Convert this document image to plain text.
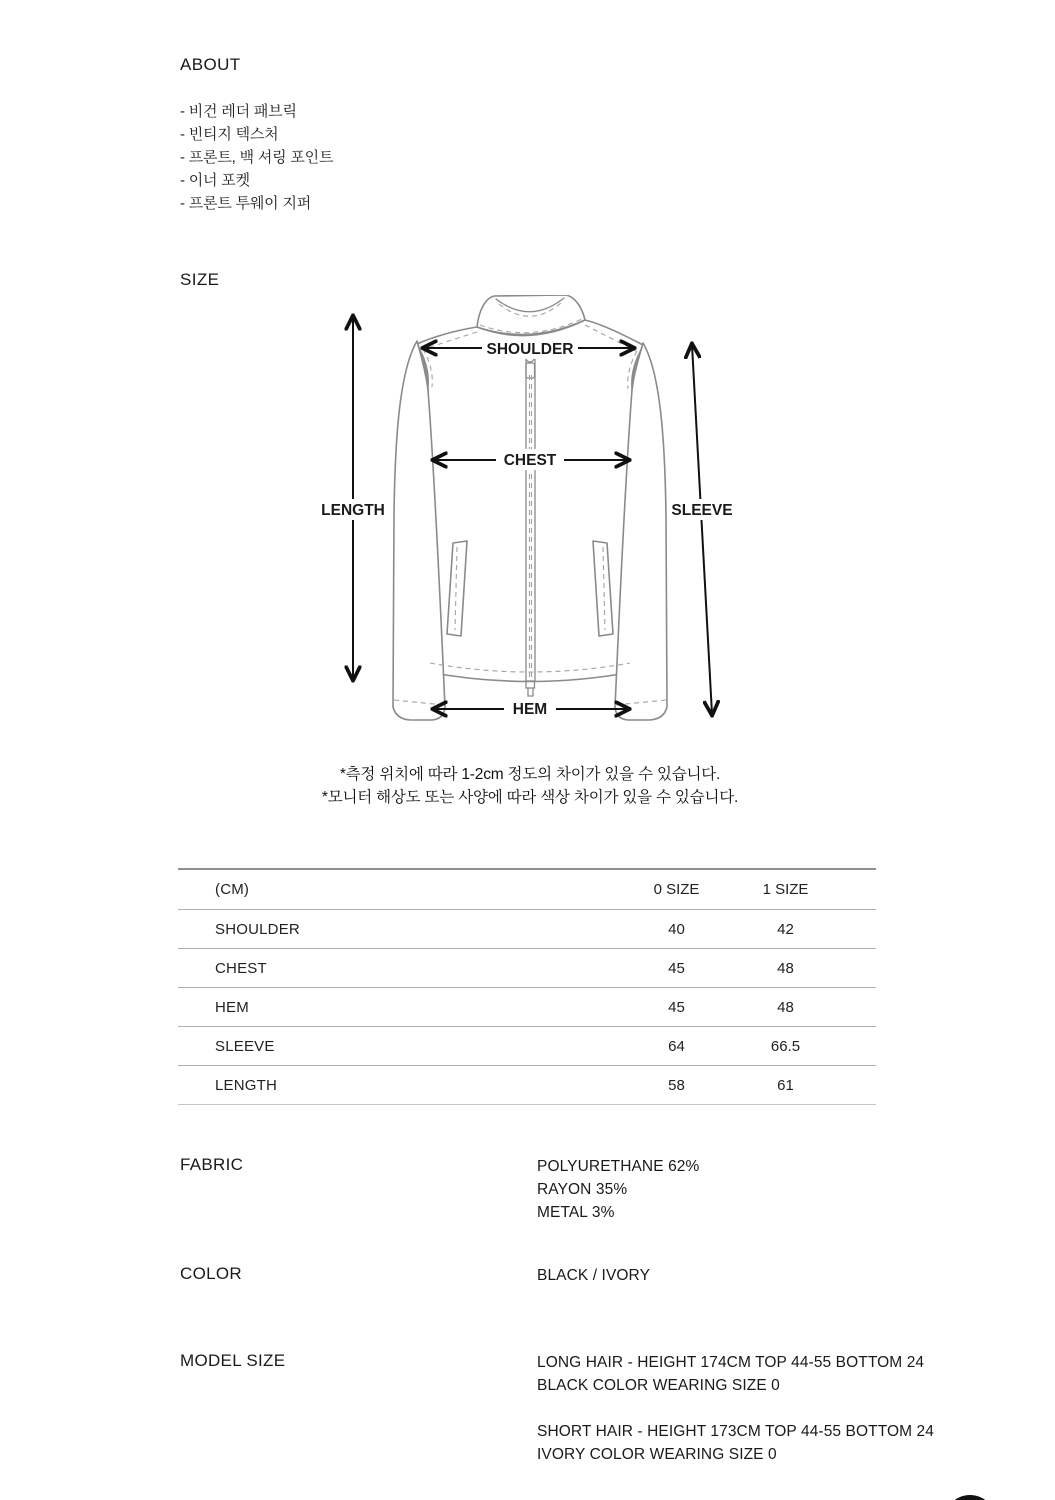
ABOUT
- 비건 레더 패브릭
- 빈티지 텍스처
- 프론트, 백 셔링 포인트
- 이너 포켓
- 프론트 투웨이 지퍼
SIZE
SHOULDER
CHEST
LENGTH	SLEEVE
HEM
*측정 위치에 따라 1-2cm 정도의 차이가 있을 수 있습니다.
*모니터 해상도 또는 사양에 따라 색상 차이가 있을 수 있습니다.
(CM)	0 SIZE	1 SIZE
SHOULDER	40	42
CHEST	45	48
HEM	45	48
SLEEVE	64	66.5
LENGTH	58	61
FABRIC	POLYURETHANE 62%
RAYON 35%
METAL 3%
COLOR	BLACK / IVORY
MODEL SIZE	LONG HAIR - HEIGHT 174CM TOP 44-55 BOTTOM 24
BLACK COLOR WEARING SIZE 0
SHORT HAIR - HEIGHT 173CM TOP 44-55 BOTTOM 24
IVORY COLOR WEARING SIZE 0
